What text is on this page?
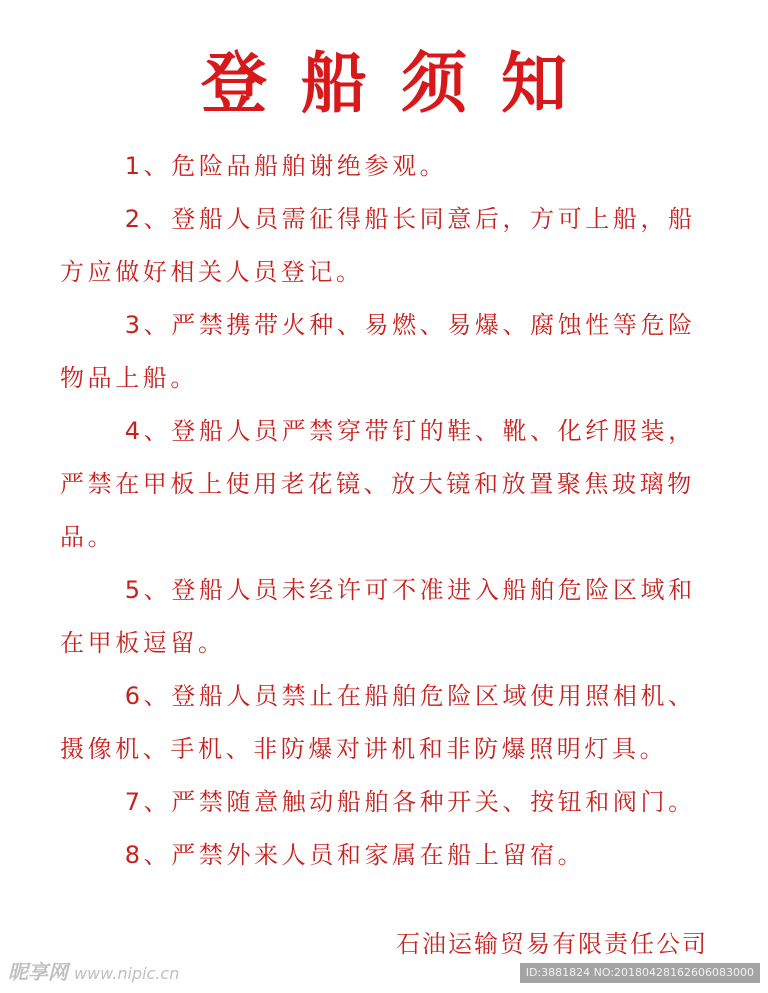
登船须知
1、危险品船舶谢绝参观。
2、登船人员需征得船长同意后，方可上船，船方应做好相关人员登记。
3、严禁携带火种、易燃、易爆、腐蚀性等危险物品上船。
4、登船人员严禁穿带钉的鞋、靴、化纤服装，严禁在甲板上使用老花镜、放大镜和放置聚焦玻璃物品。
5、登船人员未经许可不准进入船舶危险区域和在甲板逗留。
6、登船人员禁止在船舶危险区域使用照相机、摄像机、手机、非防爆对讲机和非防爆照明灯具。
7、严禁随意触动船舶各种开关、按钮和阀门。
8、严禁外来人员和家属在船上留宿。
石油运输贸易有限责任公司
昵享网 www.nipic.cn	ID:3881824 NO:20180428162606083000
